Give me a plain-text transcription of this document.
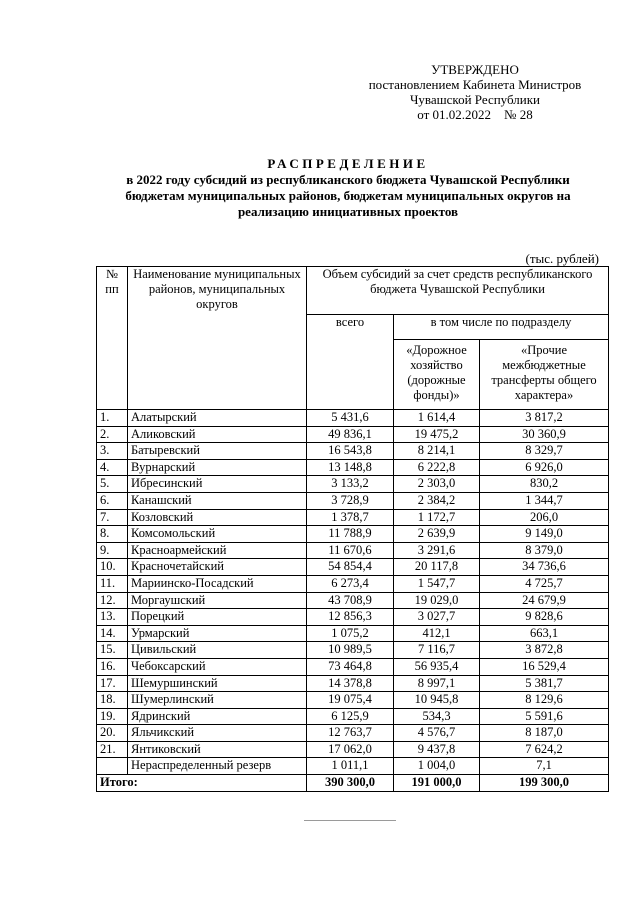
УТВЕРЖДЕНО
постановлением Кабинета Министров
Чувашской Республики
от 01.02.2022    № 28
РАСПРЕДЕЛЕНИЕ
в 2022 году субсидий из республиканского бюджета Чувашской Республики
бюджетам муниципальных районов, бюджетам муниципальных округов на
реализацию инициативных проектов
(тыс. рублей)
№ пп	Наименование муниципальных районов, муниципальных округов	Объем субсидий за счет средств республиканского бюджета Чувашской Республики		
		всего	в том числе по подразделу	
			«Дорожное хозяйство (дорожные фонды)»	«Прочие межбюджетные трансферты общего характера»
1.	Алатырский	5 431,6	1 614,4	3 817,2
2.	Аликовский	49 836,1	19 475,2	30 360,9
3.	Батыревский	16 543,8	8 214,1	8 329,7
4.	Вурнарский	13 148,8	6 222,8	6 926,0
5.	Ибресинский	3 133,2	2 303,0	830,2
6.	Канашский	3 728,9	2 384,2	1 344,7
7.	Козловский	1 378,7	1 172,7	206,0
8.	Комсомольский	11 788,9	2 639,9	9 149,0
9.	Красноармейский	11 670,6	3 291,6	8 379,0
10.	Красночетайский	54 854,4	20 117,8	34 736,6
11.	Мариинско-Посадский	6 273,4	1 547,7	4 725,7
12.	Моргаушский	43 708,9	19 029,0	24 679,9
13.	Порецкий	12 856,3	3 027,7	9 828,6
14.	Урмарский	1 075,2	412,1	663,1
15.	Цивильский	10 989,5	7 116,7	3 872,8
16.	Чебоксарский	73 464,8	56 935,4	16 529,4
17.	Шемуршинский	14 378,8	8 997,1	5 381,7
18.	Шумерлинский	19 075,4	10 945,8	8 129,6
19.	Ядринский	6 125,9	534,3	5 591,6
20.	Яльчикский	12 763,7	4 576,7	8 187,0
21.	Янтиковский	17 062,0	9 437,8	7 624,2
	Нераспределенный резерв	1 011,1	1 004,0	7,1
Итого:		390 300,0	191 000,0	199 300,0
